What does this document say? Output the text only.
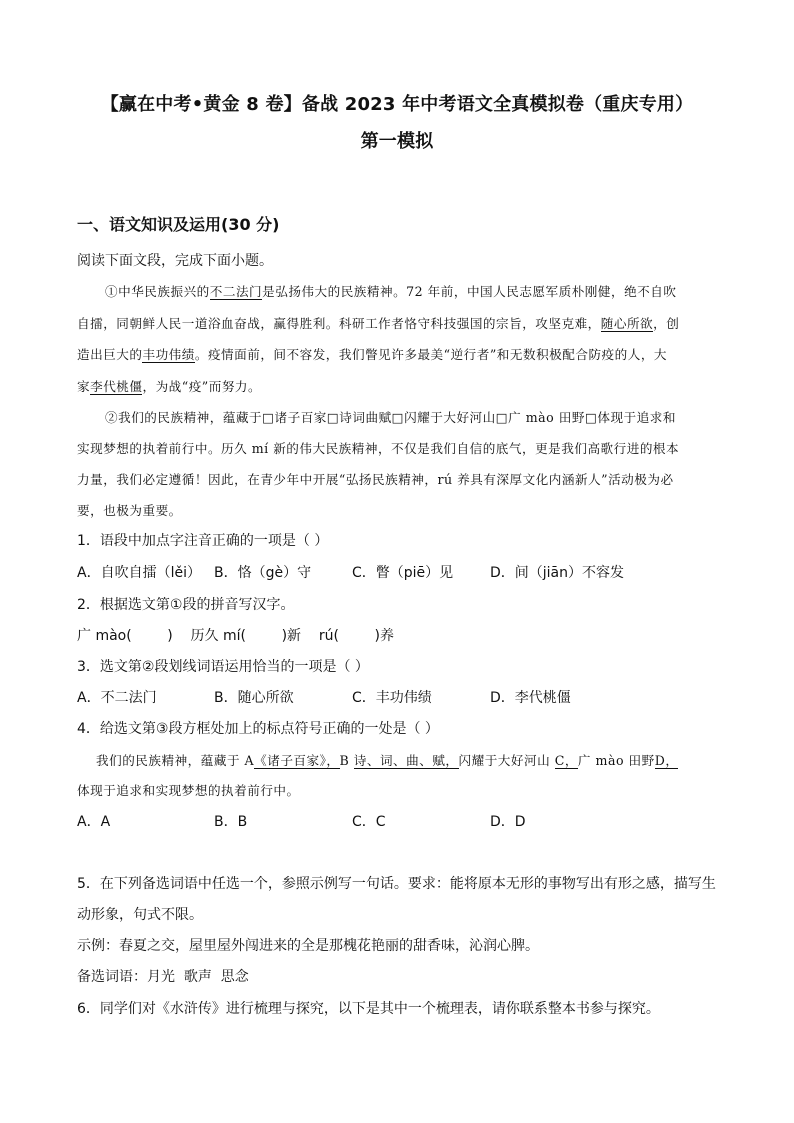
【赢在中考•黄金 8 卷】备战 2023 年中考语文全真模拟卷（重庆专用）
第一模拟
一、语文知识及运用(30 分)
阅读下面文段，完成下面小题。
①中华民族振兴的不二法门是弘扬伟大的民族精神。72 年前，中国人民志愿军质朴刚健，绝不自吹
自擂，同朝鲜人民一道浴血奋战，赢得胜利。科研工作者恪守科技强国的宗旨，攻坚克难，随心所欲，创
造出巨大的丰功伟绩。疫情面前，间不容发，我们瞥见许多最美“逆行者”和无数积极配合防疫的人，大
家李代桃僵，为战“疫”而努力。
②我们的民族精神，蕴藏于□诸子百家□诗词曲赋□闪耀于大好河山□广 mào 田野□体现于追求和
实现梦想的执着前行中。历久 mí 新的伟大民族精神，不仅是我们自信的底气，更是我们高歌行进的根本
力量，我们必定遵循！因此，在青少年中开展“弘扬民族精神，rú 养具有深厚文化内涵新人”活动极为必
要，也极为重要。
1．语段中加点字注音正确的一项是（ ）
A．自吹自擂（lěi） B．恪（gè）守	C．瞥（piē）见	D．间（jiān）不容发
2．根据选文第①段的拼音写汉字。
广 mào(        )    历久 mí(        )新    rú(        )养
3．选文第②段划线词语运用恰当的一项是（ ）
A．不二法门	B．随心所欲	C．丰功伟绩	D．李代桃僵
4．给选文第③段方框处加上的标点符号正确的一处是（ ）
我们的民族精神，蕴藏于 A《诸子百家》，B 诗、词、曲、赋，闪耀于大好河山 C，广 mào 田野D，
体现于追求和实现梦想的执着前行中。
A．A	B．B	C．C	D．D
5．在下列备选词语中任选一个，参照示例写一句话。要求：能将原本无形的事物写出有形之感，描写生
动形象，句式不限。
示例：春夏之交，屋里屋外闯进来的全是那槐花艳丽的甜香味，沁润心脾。
备选词语：月光  歌声  思念
6．同学们对《水浒传》进行梳理与探究，以下是其中一个梳理表，请你联系整本书参与探究。
